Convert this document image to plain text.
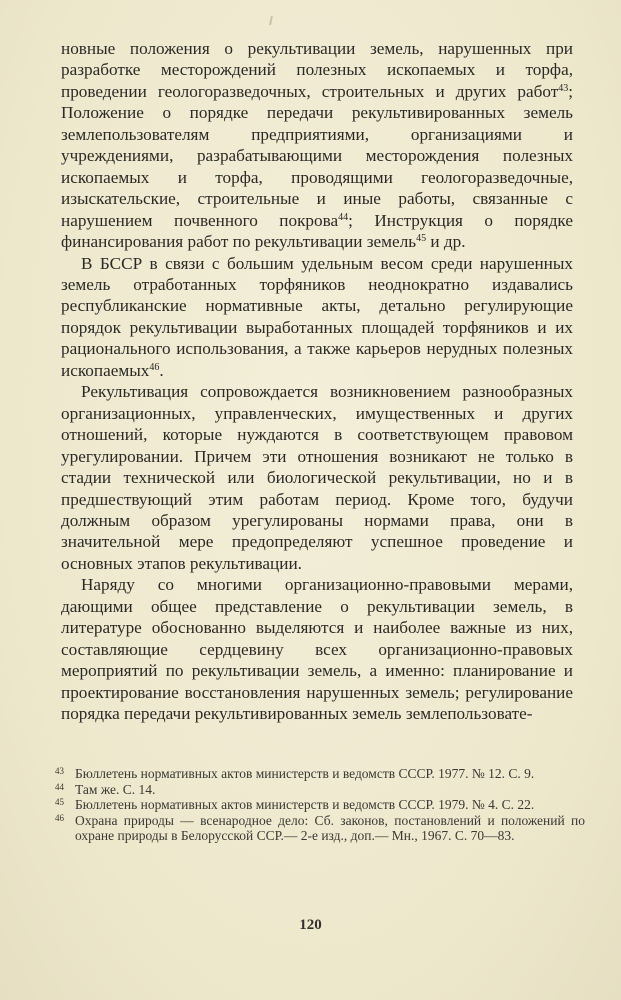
новные положения о рекультивации земель, нарушенных при разработке месторождений полезных ископаемых и торфа, проведении геологоразведочных, строительных и других работ$^{43}$; Положение о порядке передачи рекультивированных земель землепользователям предприятиями, организациями и учреждениями, разрабатывающими месторождения полезных ископаемых и торфа, проводящими геологоразведочные, изыскательские, строительные и иные работы, связанные с нарушением почвенного покрова$^{44}$; Инструкция о порядке финансирования работ по рекультивации земель$^{45}$ и др.

В БССР в связи с большим удельным весом среди нарушенных земель отработанных торфяников неоднократно издавались республиканские нормативные акты, детально регулирующие порядок рекультивации выработанных площадей торфяников и их рационального использования, а также карьеров нерудных полезных ископаемых$^{46}$.

Рекультивация сопровождается возникновением разнообразных организационных, управленческих, имущественных и других отношений, которые нуждаются в соответствующем правовом урегулировании. Причем эти отношения возникают не только в стадии технической или биологической рекультивации, но и в предшествующий этим работам период. Кроме того, будучи должным образом урегулированы нормами права, они в значительной мере предопределяют успешное проведение и основных этапов рекультивации.

Наряду со многими организационно-правовыми мерами, дающими общее представление о рекультивации земель, в литературе обоснованно выделяются и наиболее важные из них, составляющие сердцевину всех организационно-правовых мероприятий по рекультивации земель, а именно: планирование и проектирование восстановления нарушенных земель; регулирование порядка передачи рекультивированных земель землепользовате-

43 Бюллетень нормативных актов министерств и ведомств СССР. 1977. № 12. С. 9.

44 Там же. С. 14.

45 Бюллетень нормативных актов министерств и ведомств СССР. 1979. № 4. С. 22.

46 Охрана природы — всенародное дело: Сб. законов, постановлений и положений по охране природы в Белорусской ССР.— 2-е изд., доп.— Мн., 1967. С. 70—83.

120
